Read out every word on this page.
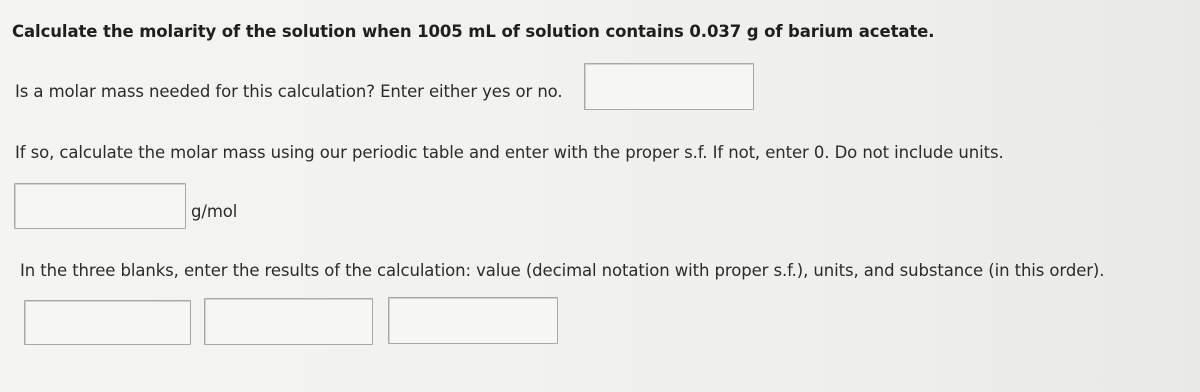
Calculate the molarity of the solution when 1005 mL of solution contains 0.037 g of barium acetate.
Is a molar mass needed for this calculation? Enter either yes or no.
If so, calculate the molar mass using our periodic table and enter with the proper s.f. If not, enter 0. Do not include units.
g/mol
In the three blanks, enter the results of the calculation: value (decimal notation with proper s.f.), units, and substance (in this order).
